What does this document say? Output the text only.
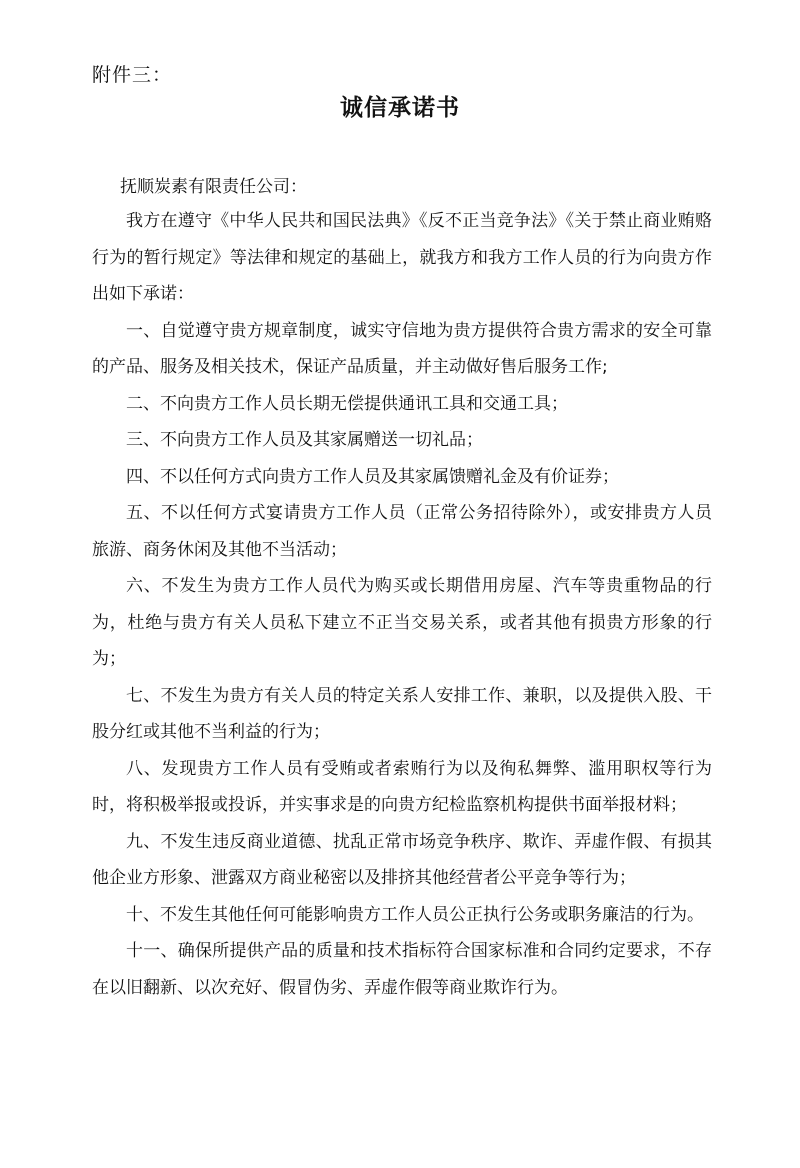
附件三：
诚信承诺书
抚顺炭素有限责任公司：

我方在遵守《中华人民共和国民法典》《反不正当竞争法》《关于禁止商业贿赂行为的暂行规定》等法律和规定的基础上，就我方和我方工作人员的行为向贵方作出如下承诺：

一、自觉遵守贵方规章制度，诚实守信地为贵方提供符合贵方需求的安全可靠的产品、服务及相关技术，保证产品质量，并主动做好售后服务工作;

二、不向贵方工作人员长期无偿提供通讯工具和交通工具；

三、不向贵方工作人员及其家属赠送一切礼品；

四、不以任何方式向贵方工作人员及其家属馈赠礼金及有价证券；

五、不以任何方式宴请贵方工作人员（正常公务招待除外），或安排贵方人员旅游、商务休闲及其他不当活动；

六、不发生为贵方工作人员代为购买或长期借用房屋、汽车等贵重物品的行为，杜绝与贵方有关人员私下建立不正当交易关系，或者其他有损贵方形象的行为；

七、不发生为贵方有关人员的特定关系人安排工作、兼职，以及提供入股、干股分红或其他不当利益的行为；

八、发现贵方工作人员有受贿或者索贿行为以及徇私舞弊、滥用职权等行为时，将积极举报或投诉，并实事求是的向贵方纪检监察机构提供书面举报材料；

九、不发生违反商业道德、扰乱正常市场竞争秩序、欺诈、弄虚作假、有损其他企业方形象、泄露双方商业秘密以及排挤其他经营者公平竞争等行为；

十、不发生其他任何可能影响贵方工作人员公正执行公务或职务廉洁的行为。

十一、确保所提供产品的质量和技术指标符合国家标准和合同约定要求，不存在以旧翻新、以次充好、假冒伪劣、弄虚作假等商业欺诈行为。
